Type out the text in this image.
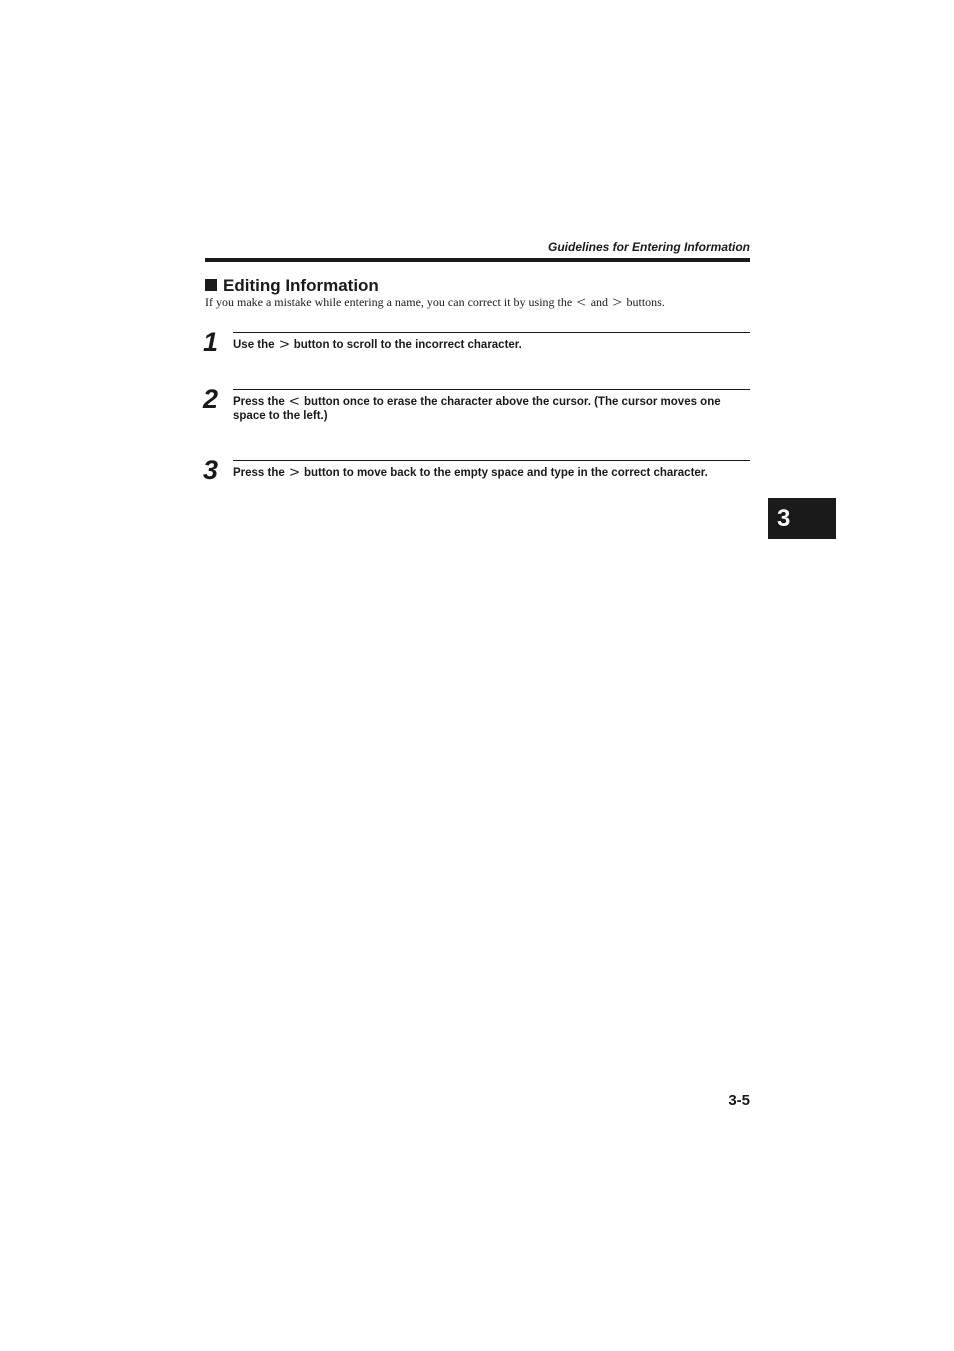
Guidelines for Entering Information
Editing Information
If you make a mistake while entering a name, you can correct it by using the < and > buttons.
1 Use the > button to scroll to the incorrect character.
2 Press the < button once to erase the character above the cursor. (The cursor moves one space to the left.)
3 Press the > button to move back to the empty space and type in the correct character.
3
3-5
